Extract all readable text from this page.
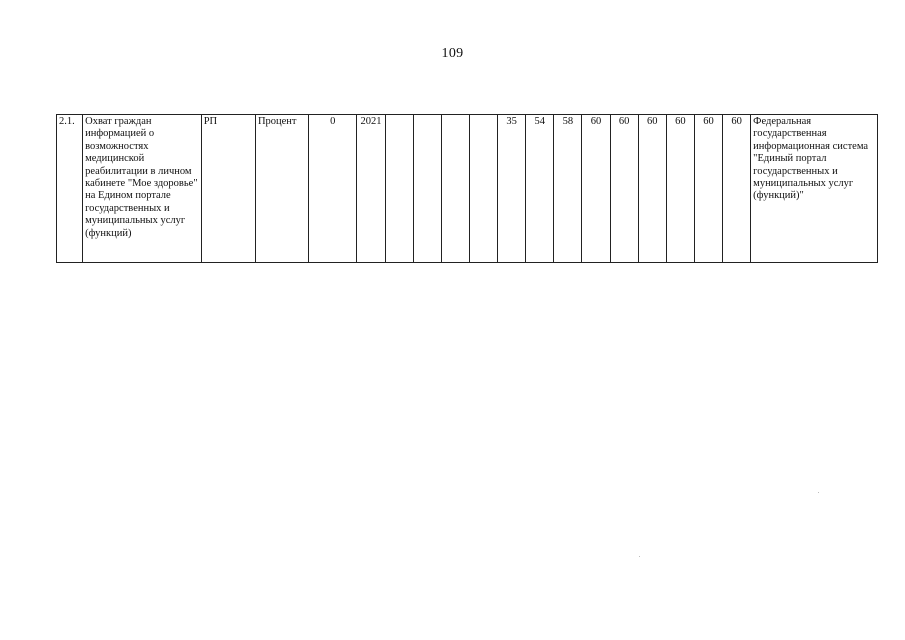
109
2.1.	Охват граждан информацией о возможностях медицинской реабилитации в личном кабинете "Мое здоровье" на Едином портале государственных и муниципальных услуг (функций)	РП	Процент	0	2021					35	54	58	60	60	60	60	60	60	Федеральная государственная информационная система "Единый портал государственных и муниципальных услуг (функций)"
